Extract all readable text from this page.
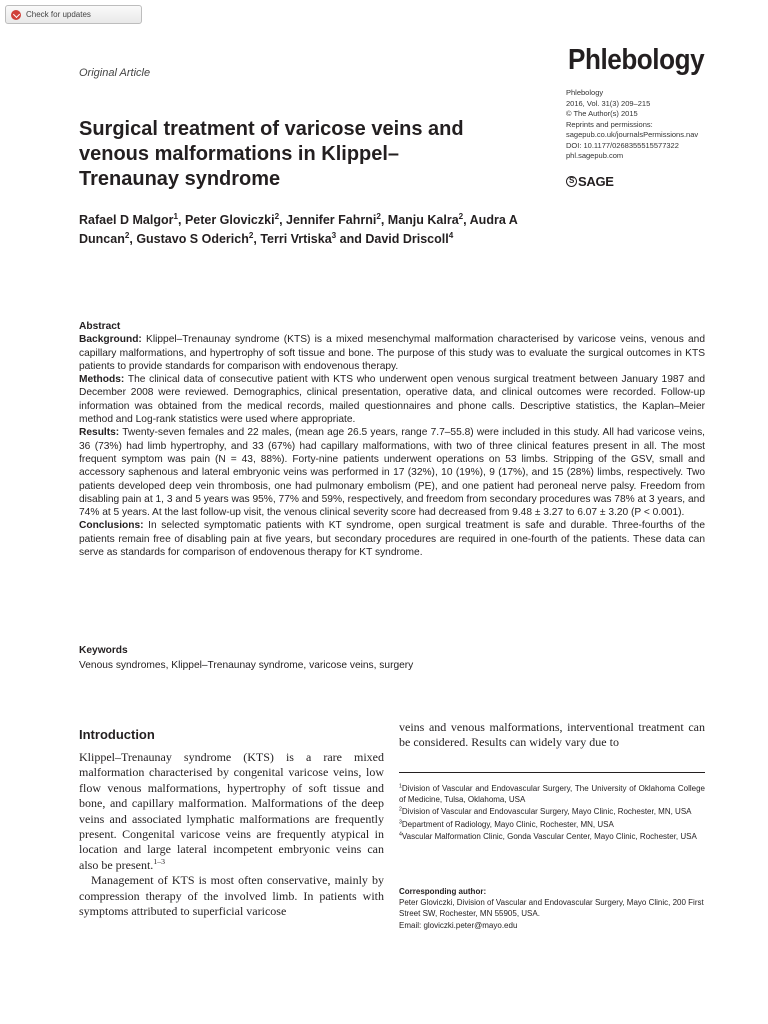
Check for updates
Original Article	Phlebology
Phlebology
2016, Vol. 31(3) 209–215
© The Author(s) 2015
Reprints and permissions:
sagepub.co.uk/journalsPermissions.nav
DOI: 10.1177/0268355515577322
phl.sagepub.com
S SAGE
Surgical treatment of varicose veins and venous malformations in Klippel–Trenaunay syndrome
Rafael D Malgor$^1$, Peter Gloviczki$^2$, Jennifer Fahrni$^2$, Manju Kalra$^2$, Audra A Duncan$^2$, Gustavo S Oderich$^2$, Terri Vrtiska$^3$ and David Driscoll$^4$

Abstract

Background: Klippel–Trenaunay syndrome (KTS) is a mixed mesenchymal malformation characterised by varicose veins, venous and capillary malformations, and hypertrophy of soft tissue and bone. The purpose of this study was to evaluate the surgical outcomes in KTS patients to provide standards for comparison with endovenous therapy.

Methods: The clinical data of consecutive patient with KTS who underwent open venous surgical treatment between January 1987 and December 2008 were reviewed. Demographics, clinical presentation, operative data, and clinical outcomes were recorded. Follow-up information was obtained from the medical records, mailed questionnaires and phone calls. Descriptive statistics, the Kaplan–Meier method and Log-rank statistics were used where appropriate.

Results: Twenty-seven females and 22 males, (mean age 26.5 years, range 7.7–55.8) were included in this study. All had varicose veins, 36 (73%) had limb hypertrophy, and 33 (67%) had capillary malformations, with two of three clinical features present in all. The most frequent symptom was pain (N = 43, 88%). Forty-nine patients underwent operations on 53 limbs. Stripping of the GSV, small and accessory saphenous and lateral embryonic veins was performed in 17 (32%), 10 (19%), 9 (17%), and 15 (28%) limbs, respectively. Two patients developed deep vein thrombosis, one had pulmonary embolism (PE), and one patient had peroneal nerve palsy. Freedom from disabling pain at 1, 3 and 5 years was 95%, 77% and 59%, respectively, and freedom from secondary procedures was 78% at 3 years, and 74% at 5 years. At the last follow-up visit, the venous clinical severity score had decreased from 9.48 ± 3.27 to 6.07 ± 3.20 (P < 0.001).

Conclusions: In selected symptomatic patients with KT syndrome, open surgical treatment is safe and durable. Three-fourths of the patients remain free of disabling pain at five years, but secondary procedures are required in one-fourth of the patients. These data can serve as standards for comparison of endovenous therapy for KT syndrome.

Keywords
Venous syndromes, Klippel–Trenaunay syndrome, varicose veins, surgery
Introduction

Klippel–Trenaunay syndrome (KTS) is a rare mixed malformation characterised by congenital varicose veins, low flow venous malformations, hypertrophy of soft tissue and bone, and capillary malformation. Malformations of the deep veins and associated lymphatic malformations are frequently present. Congenital varicose veins are frequently atypical in location and large lateral incompetent embryonic veins can also be present.$^{1-3}$

Management of KTS is most often conservative, mainly by compression therapy of the involved limb. In patients with symptoms attributed to superficial varicose

veins and venous malformations, interventional treatment can be considered. Results can widely vary due to

$^1$Division of Vascular and Endovascular Surgery, The University of Oklahoma College of Medicine, Tulsa, Oklahoma, USA

$^2$Division of Vascular and Endovascular Surgery, Mayo Clinic, Rochester, MN, USA

$^3$Department of Radiology, Mayo Clinic, Rochester, MN, USA

$^4$Vascular Malformation Clinic, Gonda Vascular Center, Mayo Clinic, Rochester, USA

Corresponding author:

Peter Gloviczki, Division of Vascular and Endovascular Surgery, Mayo Clinic, 200 First Street SW, Rochester, MN 55905, USA.

Email: gloviczki.peter@mayo.edu
